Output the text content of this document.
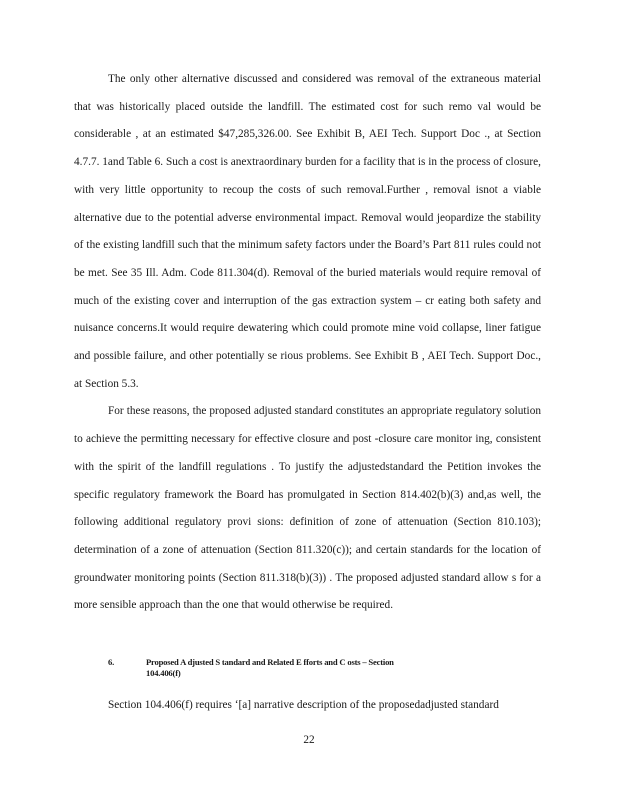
The only other alternative discussed and considered was removal of the extraneous material that was historically placed outside the landfill. The estimated cost for such remo val would be considerable , at an estimated $47,285,326.00. See Exhibit B, AEI Tech. Support Doc ., at Section 4.7.7. 1and Table 6. Such a cost is anextraordinary burden for a facility that is in the process of closure, with very little opportunity to recoup the costs of such removal.Further , removal isnot a viable alternative due to the potential adverse environmental impact. Removal would jeopardize the stability of the existing landfill such that the minimum safety factors under the Board’s Part 811 rules could not be met. See 35 Ill. Adm. Code 811.304(d). Removal of the buried materials would require removal of much of the existing cover and interruption of the gas extraction system – cr eating both safety and nuisance concerns.It would require dewatering which could promote mine void collapse, liner fatigue and possible failure, and other potentially se rious problems. See Exhibit B , AEI Tech. Support Doc., at Section 5.3.

For these reasons, the proposed adjusted standard constitutes an appropriate regulatory solution to achieve the permitting necessary for effective closure and post -closure care monitor ing, consistent with the spirit of the landfill regulations . To justify the adjustedstandard the Petition invokes the specific regulatory framework the Board has promulgated in Section 814.402(b)(3) and,as well, the following additional regulatory provi sions: definition of zone of attenuation (Section 810.103); determination of a zone of attenuation (Section 811.320(c)); and certain standards for the location of groundwater monitoring points (Section 811.318(b)(3)) . The proposed adjusted standard allow s for a more sensible approach than the one that would otherwise be required.

6.	Proposed A djusted S tandard and Related E fforts and C osts – Section
104.406(f)
Section 104.406(f) requires ‘[a] narrative description of the proposedadjusted standard
22
